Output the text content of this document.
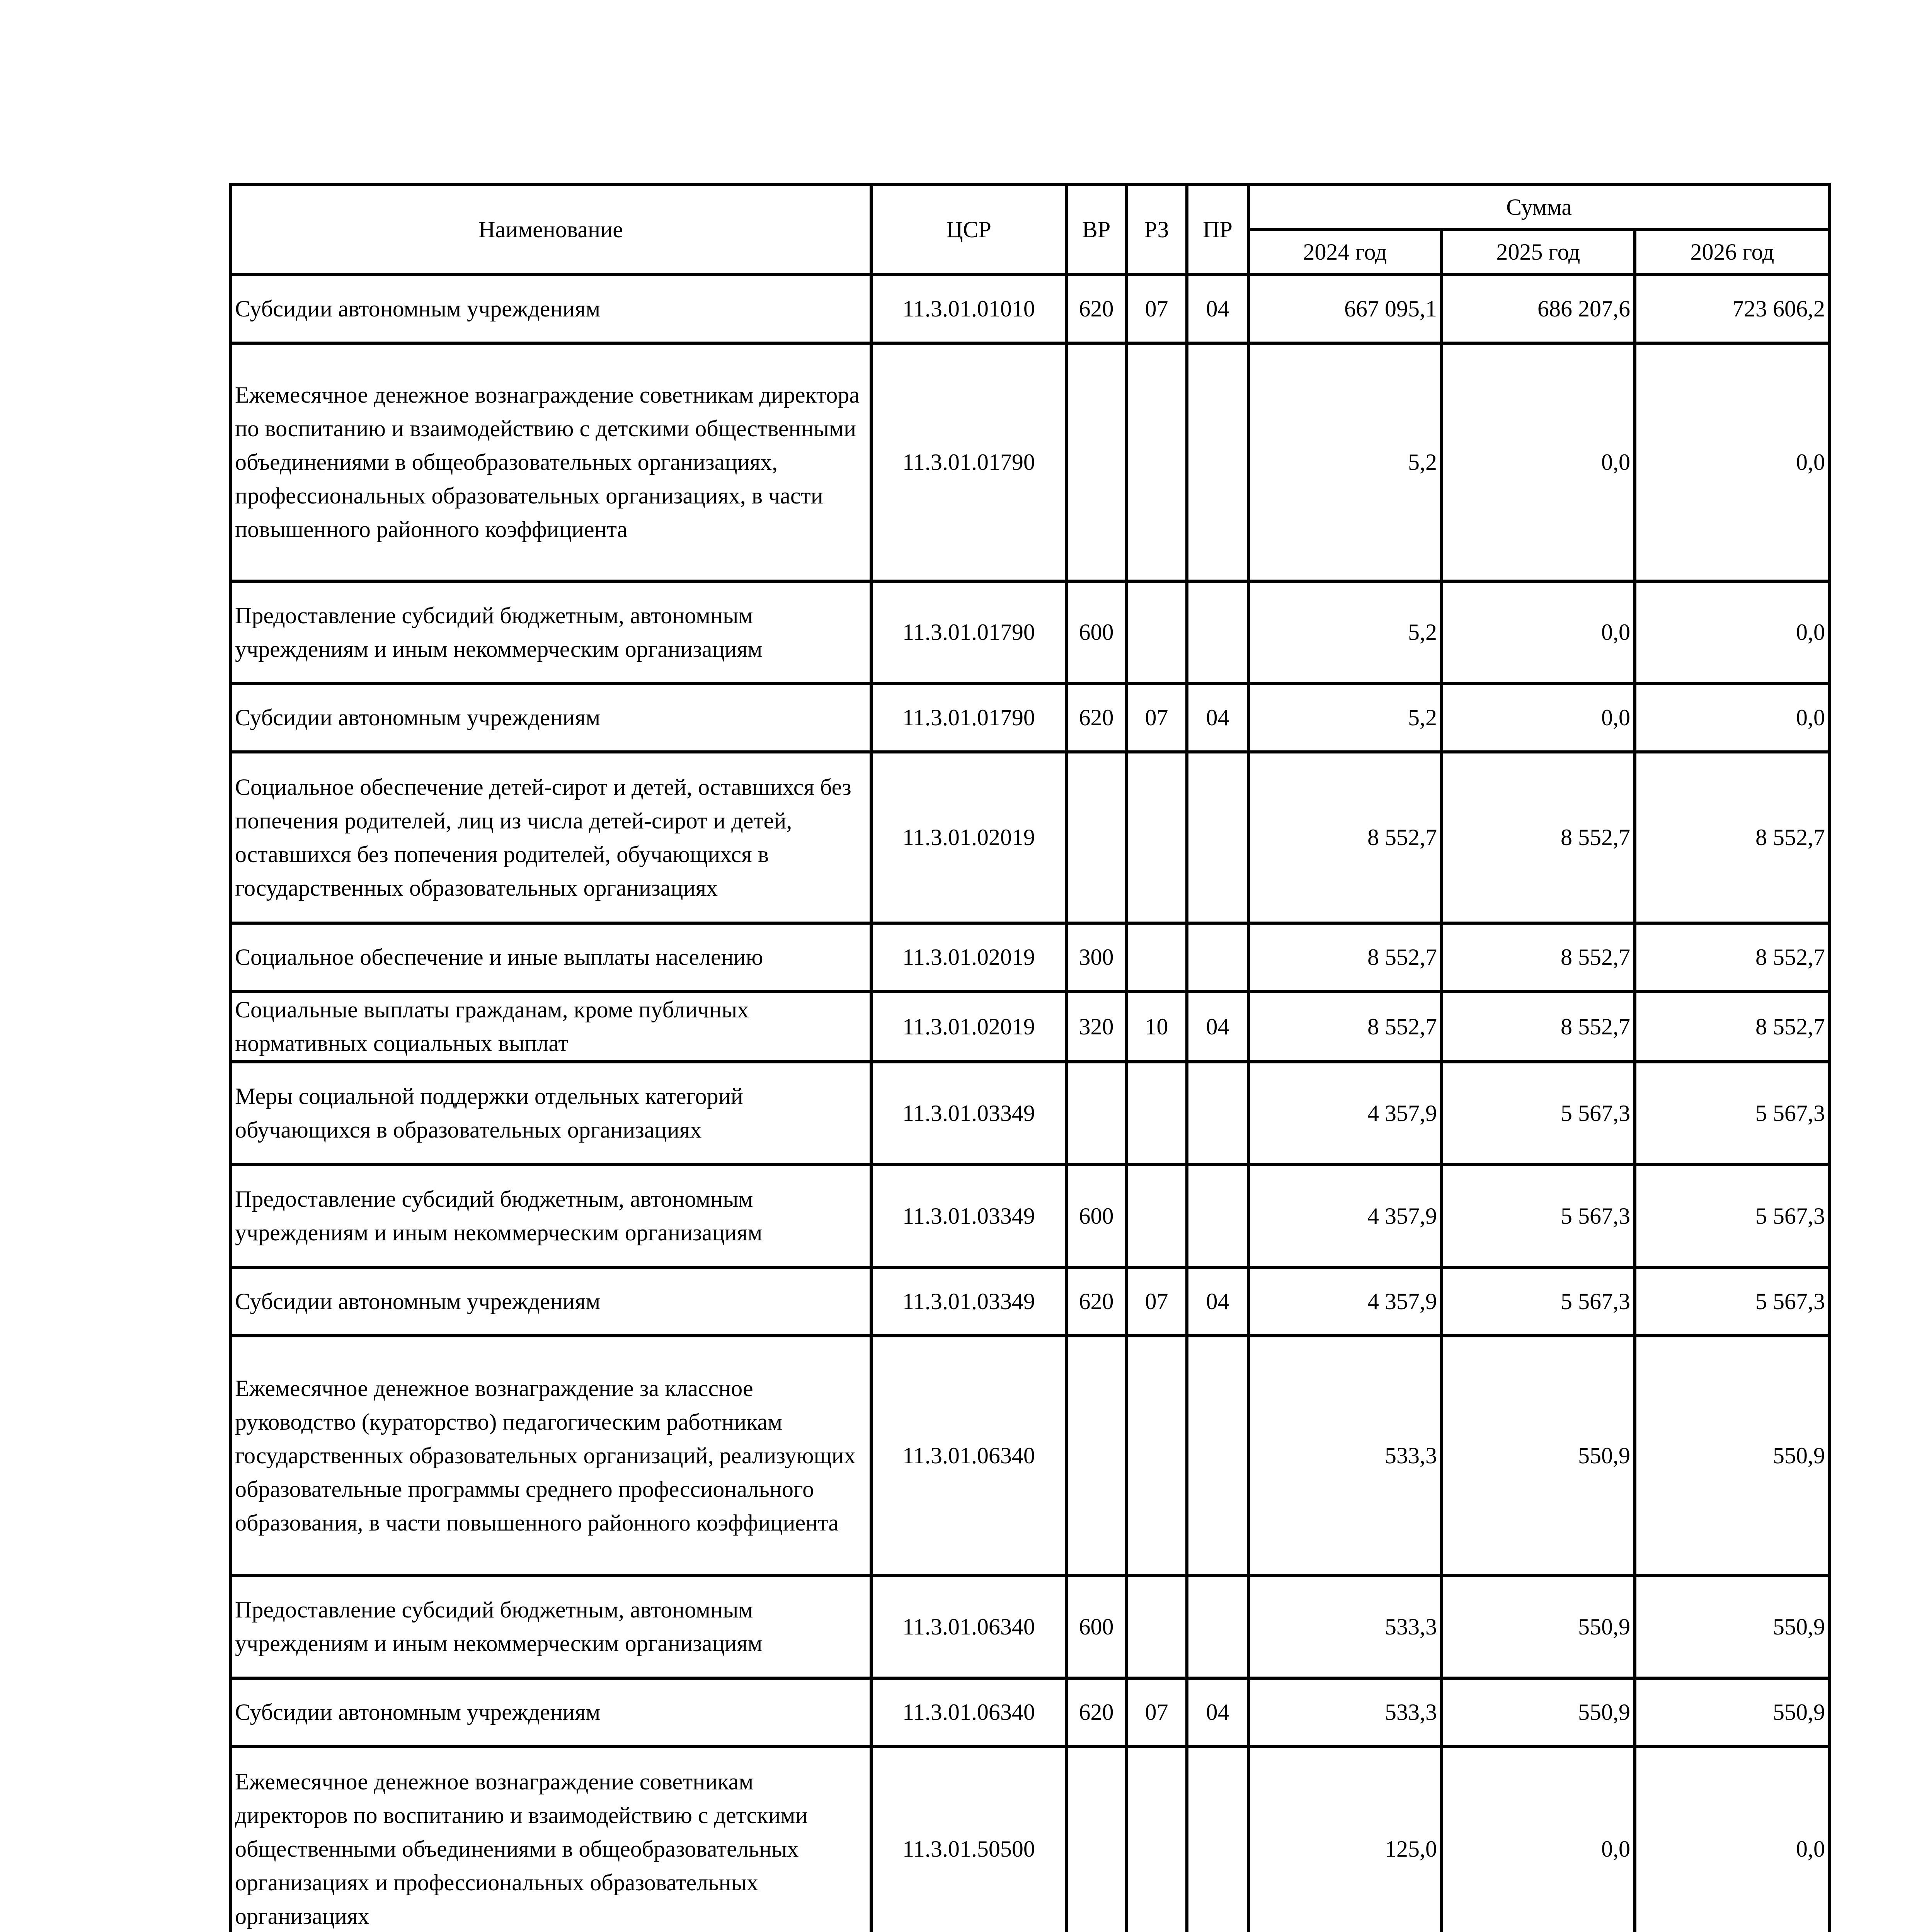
Наименование	ЦСР	ВР	РЗ	ПР	Сумма		
					2024 год	2025 год	2026 год
Субсидии автономным учреждениям	11.3.01.01010	620	07	04	667 095,1	686 207,6	723 606,2
Ежемесячное денежное вознаграждение советникам директора по воспитанию и взаимодействию с детскими общественными объединениями в общеобразовательных организациях, профессиональных образовательных организациях, в части повышенного районного коэффициента	11.3.01.01790				5,2	0,0	0,0
Предоставление субсидий бюджетным, автономным учреждениям и иным некоммерческим организациям	11.3.01.01790	600			5,2	0,0	0,0
Субсидии автономным учреждениям	11.3.01.01790	620	07	04	5,2	0,0	0,0
Социальное обеспечение детей-сирот и детей, оставшихся без попечения родителей, лиц из числа детей-сирот и детей, оставшихся без попечения родителей, обучающихся в государственных образовательных организациях	11.3.01.02019				8 552,7	8 552,7	8 552,7
Социальное обеспечение и иные выплаты населению	11.3.01.02019	300			8 552,7	8 552,7	8 552,7
Социальные выплаты гражданам, кроме публичных нормативных социальных выплат	11.3.01.02019	320	10	04	8 552,7	8 552,7	8 552,7
Меры социальной поддержки отдельных категорий обучающихся в образовательных организациях	11.3.01.03349				4 357,9	5 567,3	5 567,3
Предоставление субсидий бюджетным, автономным учреждениям и иным некоммерческим организациям	11.3.01.03349	600			4 357,9	5 567,3	5 567,3
Субсидии автономным учреждениям	11.3.01.03349	620	07	04	4 357,9	5 567,3	5 567,3
Ежемесячное денежное вознаграждение за классное руководство (кураторство) педагогическим работникам государственных образовательных организаций, реализующих образовательные программы среднего профессионального образования, в части повышенного районного коэффициента	11.3.01.06340				533,3	550,9	550,9
Предоставление субсидий бюджетным, автономным учреждениям и иным некоммерческим организациям	11.3.01.06340	600			533,3	550,9	550,9
Субсидии автономным учреждениям	11.3.01.06340	620	07	04	533,3	550,9	550,9
Ежемесячное денежное вознаграждение советникам директоров по воспитанию и взаимодействию с детскими общественными объединениями в общеобразовательных организациях и профессиональных образовательных организациях	11.3.01.50500				125,0	0,0	0,0
